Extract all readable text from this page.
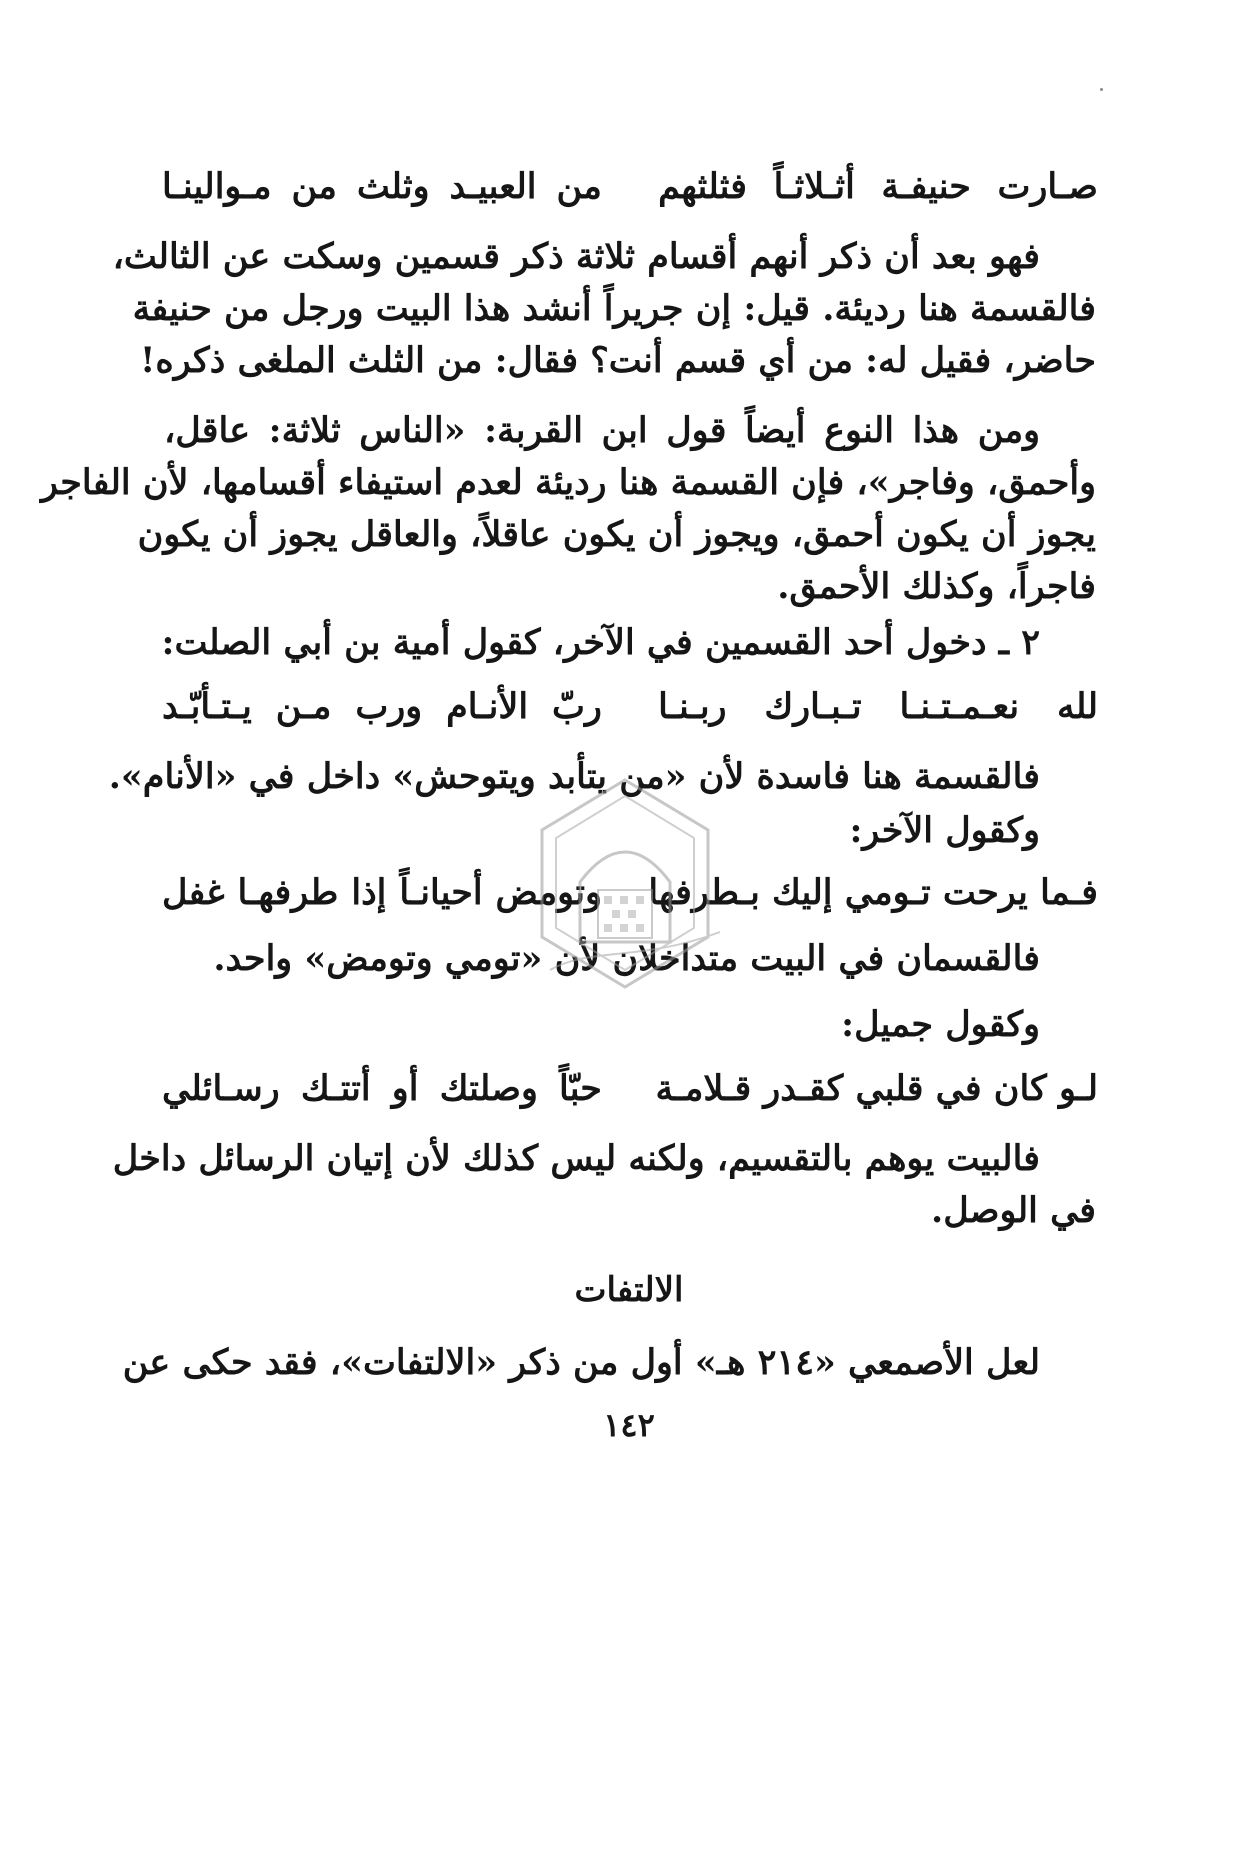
صـارت حنيفـة أثـلاثـاً فثلثهم
من العبيـد وثلث من مـوالينـا
فهو بعد أن ذكر أنهم أقسام ثلاثة ذكر قسمين وسكت عن الثالث،
فالقسمة هنا رديئة. قيل: إن جريراً أنشد هذا البيت ورجل من حنيفة
حاضر، فقيل له: من أي قسم أنت؟ فقال: من الثلث الملغى ذكره!
ومن هذا النوع أيضاً قول ابن القربة: «الناس ثلاثة: عاقل،
وأحمق، وفاجر»، فإن القسمة هنا رديئة لعدم استيفاء أقسامها، لأن الفاجر
يجوز أن يكون أحمق، ويجوز أن يكون عاقلاً، والعاقل يجوز أن يكون
فاجراً، وكذلك الأحمق.
٢ ـ دخول أحد القسمين في الآخر، كقول أمية بن أبي الصلت:
لله نعـمـتـنـا تـبـارك ربـنـا
ربّ الأنـام ورب مـن يـتـأبّـد
فالقسمة هنا فاسدة لأن «من يتأبد ويتوحش» داخل في «الأنام».
وكقول الآخر:
فـما يرحت تـومي إليك بـطرفها
وتومض أحيانـاً إذا طرفهـا غفل
فالقسمان في البيت متداخلان لأن «تومي وتومض» واحد.
وكقول جميل:
لـو كان في قلبي كقـدر قـلامـة
حبّاً وصلتك أو أتتـك رسـائلي
فالبيت يوهم بالتقسيم، ولكنه ليس كذلك لأن إتيان الرسائل داخل
في الوصل.
الالتفات
لعل الأصمعي «٢١٤ هـ» أول من ذكر «الالتفات»، فقد حكى عن
١٤٢
